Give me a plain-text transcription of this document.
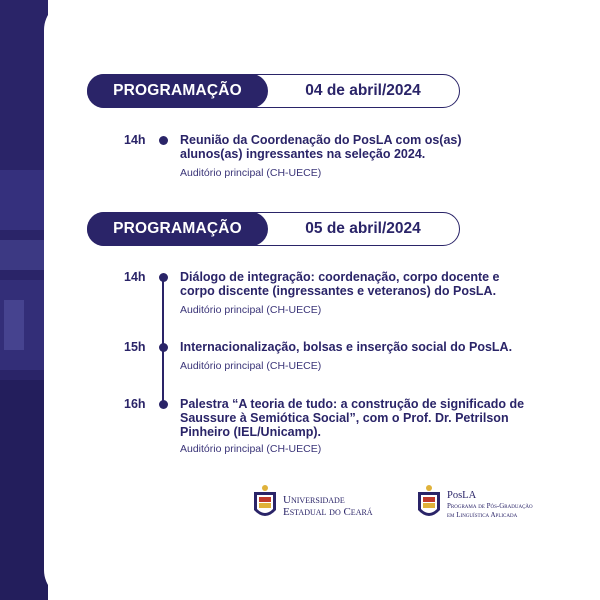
PROGRAMAÇÃO	04 de abril/2024
14h	Reunião da Coordenação do PosLA com os(as)
alunos(as) ingressantes na seleção 2024.
Auditório principal (CH-UECE)
PROGRAMAÇÃO	05 de abril/2024
14h	Diálogo de integração: coordenação, corpo docente e
corpo discente (ingressantes e veteranos) do PosLA.
Auditório principal (CH-UECE)
15h	Internacionalização, bolsas e inserção social do PosLA.
Auditório principal (CH-UECE)
16h	Palestra “A teoria de tudo: a construção de significado de
Saussure à Semiótica Social”, com o Prof. Dr. Petrilson
Pinheiro (IEL/Unicamp).
Auditório principal (CH-UECE)
Universidade
Estadual do Ceará
PosLA
Programa de Pós-Graduação
em Linguística Aplicada
